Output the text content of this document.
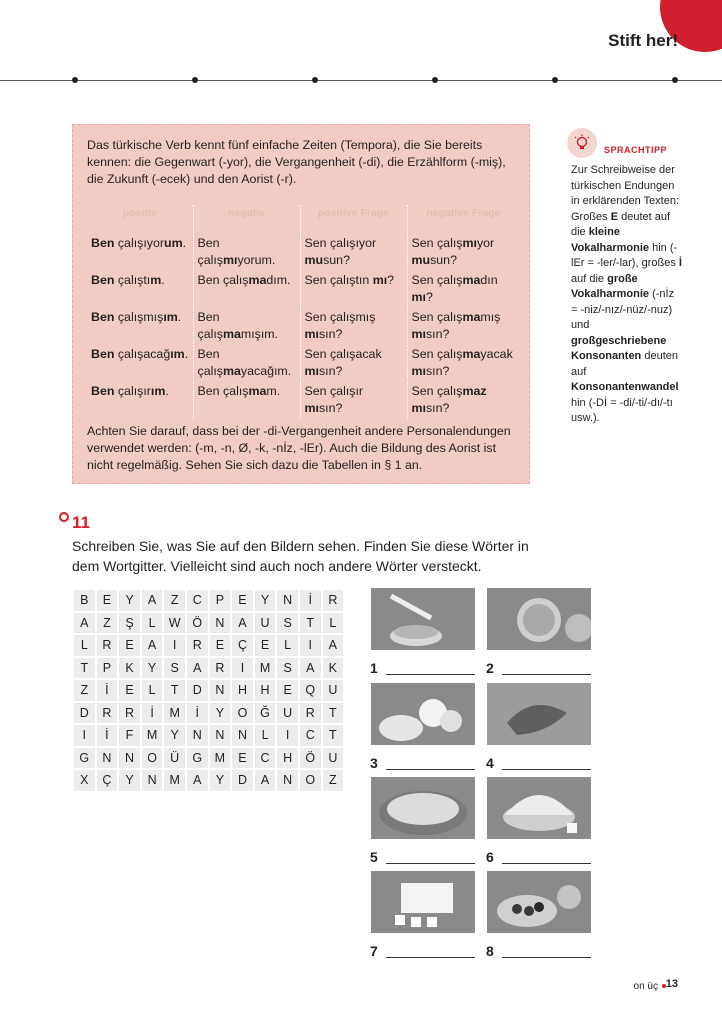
Stift her!
Das türkische Verb kennt fünf einfache Zeiten (Tempora), die Sie bereits kennen: die Gegenwart (-yor), die Vergangenheit (-di), die Erzählform (-miş), die Zukunft (-ecek) und den Aorist (-r).
positiv	negativ	positive Frage	negative Frage
Ben çalışıyorum.	Ben çalışmıyorum.	Sen çalışıyor musun?	Sen çalışmıyor musun?
Ben çalıştım.	Ben çalışmadım.	Sen çalıştın mı?	Sen çalışmadın mı?
Ben çalışmışım.	Ben çalışmamışım.	Sen çalışmış mısın?	Sen çalışmamış mısın?
Ben çalışacağım.	Ben çalışmayacağım.	Sen çalışacak mısın?	Sen çalışmayacak mısın?
Ben çalışırım.	Ben çalışmam.	Sen çalışır mısın?	Sen çalışmaz mısın?
Achten Sie darauf, dass bei der -di-Vergangenheit andere Personalendungen verwendet werden: (-m, -n, Ø, -k, -nİz, -lEr). Auch die Bildung des Aorist ist nicht regelmäßig. Sehen Sie sich dazu die Tabellen in § 1 an.
SPRACHTIPP
Zur Schreibweise der türkischen Endungen in erklärenden Texten: Großes E deutet auf die kleine Vokalharmonie hin (-lEr = -ler/-lar), großes İ auf die große Vokalharmonie (-nİz = -niz/-nız/-nüz/-nuz) und großgeschriebene Konsonanten deuten auf Konsonantenwandel hin (-Dİ = -di/-ti/-dı/-tı usw.).
11
Schreiben Sie, was Sie auf den Bildern sehen. Finden Sie diese Wörter in dem Wortgitter. Vielleicht sind auch noch andere Wörter versteckt.
B	E	Y	A	Z	C	P	E	Y	N	İ	R
A	Z	Ş	L	W	Ö	N	A	U	S	T	L
L	R	E	A	I	R	E	Ç	E	L	I	A
T	P	K	Y	S	A	R	I	M	S	A	K
Z	İ	E	L	T	D	N	H	H	E	Q	U
D	R	R	İ	M	İ	Y	O	Ğ	U	R	T
I	İ	F	M	Y	N	N	N	L	I	C	T
G	N	N	O	Ü	G	M	E	C	H	Ö	U
X	Ç	Y	N	M	A	Y	D	A	N	O	Z
1	2
3	4
5	6
7	8
on üç 13
